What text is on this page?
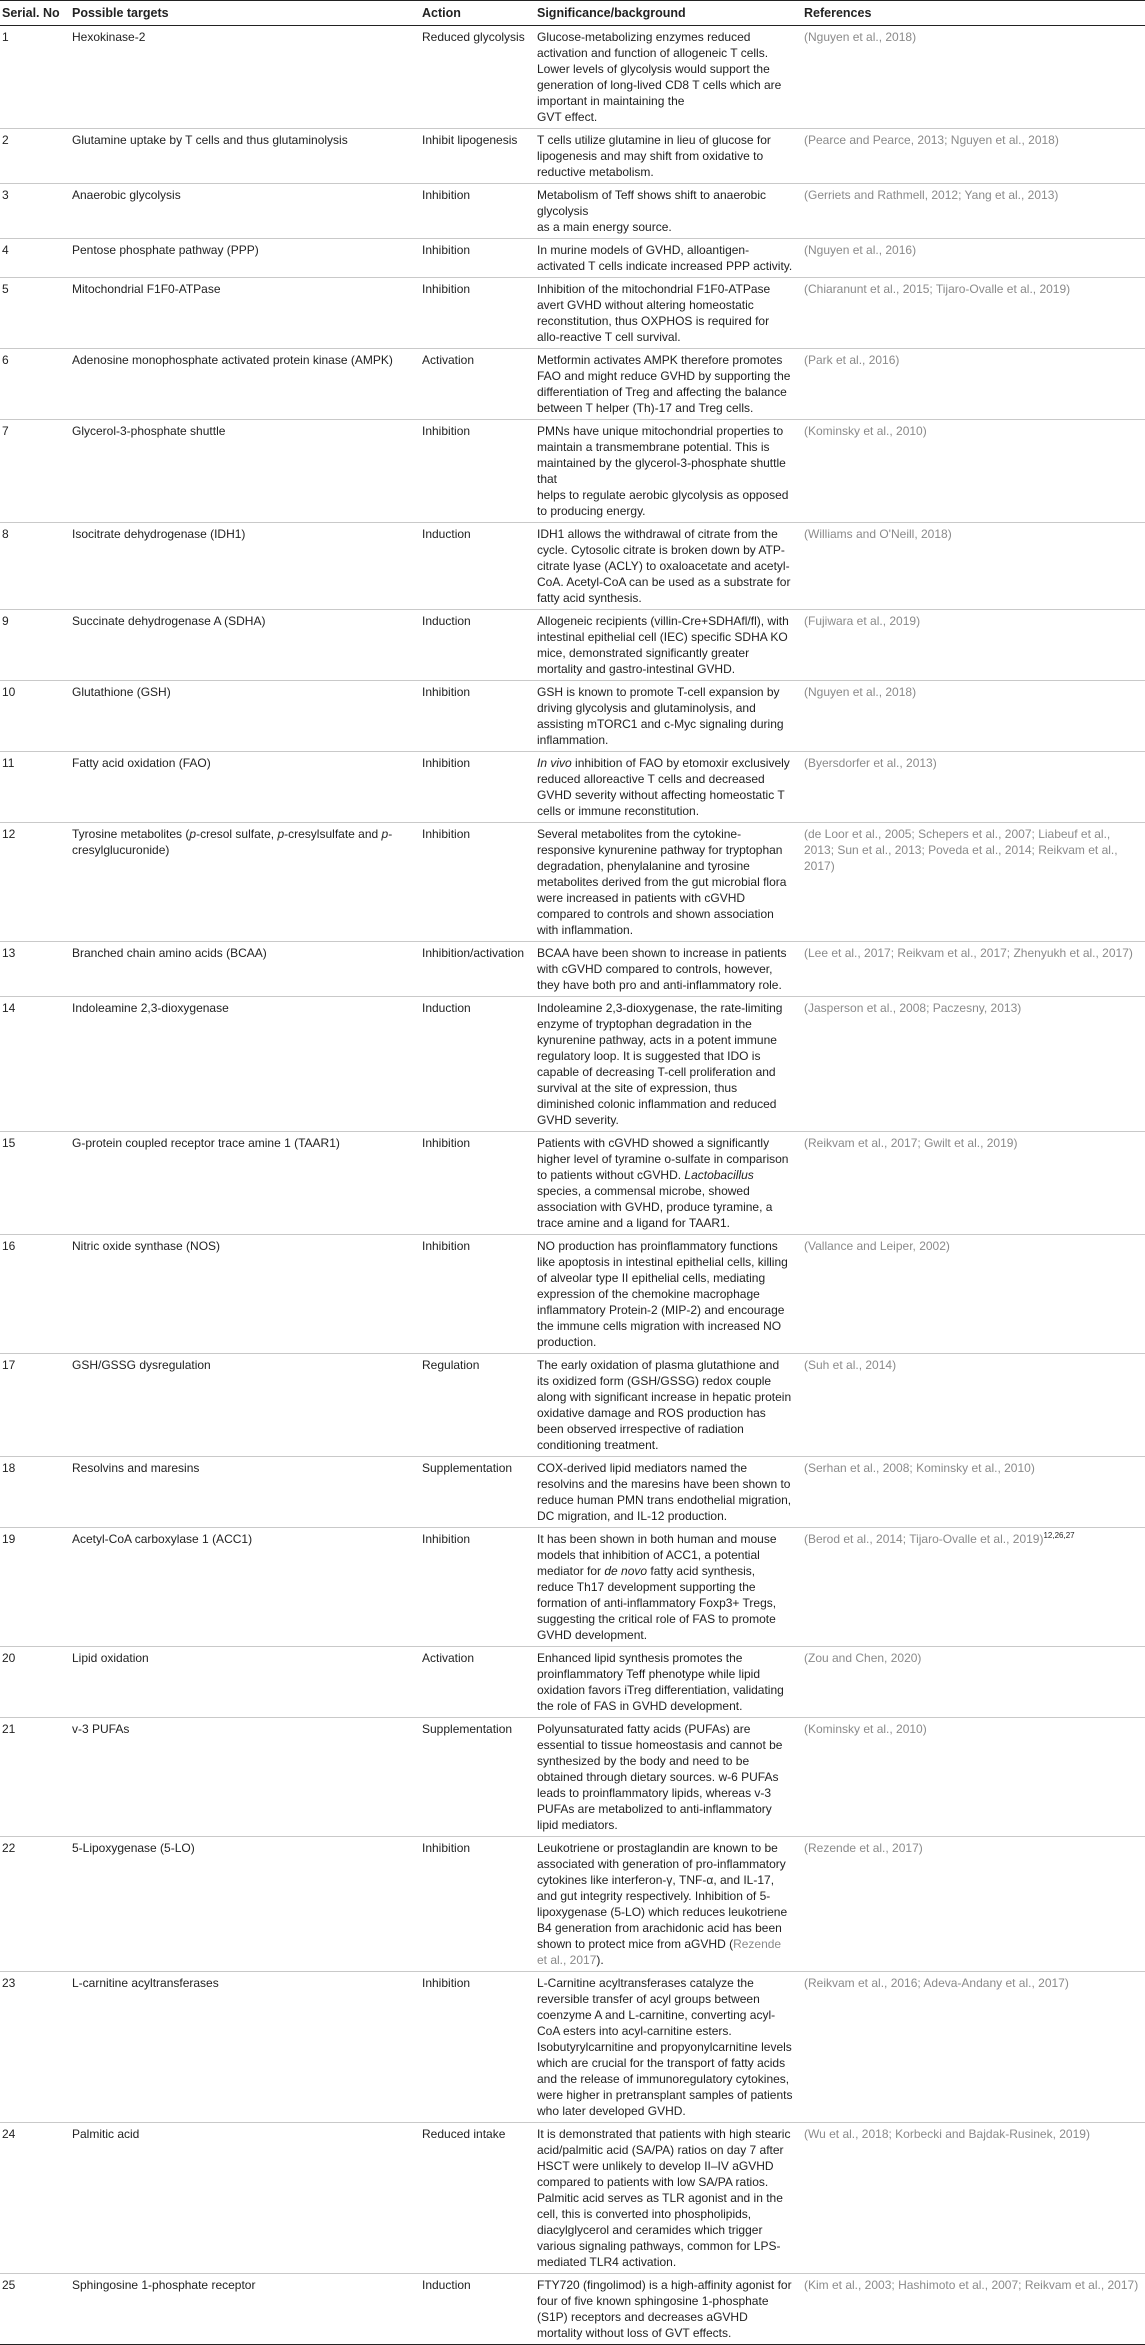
Serial. No	Possible targets	Action	Significance/background	References
1	Hexokinase-2	Reduced glycolysis	Glucose-metabolizing enzymes reduced activation and function of allogeneic T cells. Lower levels of glycolysis would support the generation of long-lived CD8 T cells which are important in maintaining the
GVT effect.	(Nguyen et al., 2018)
2	Glutamine uptake by T cells and thus glutaminolysis	Inhibit lipogenesis	T cells utilize glutamine in lieu of glucose for lipogenesis and may shift from oxidative to reductive metabolism.	(Pearce and Pearce, 2013; Nguyen et al., 2018)
3	Anaerobic glycolysis	Inhibition	Metabolism of Teff shows shift to anaerobic glycolysis
as a main energy source.	(Gerriets and Rathmell, 2012; Yang et al., 2013)
4	Pentose phosphate pathway (PPP)	Inhibition	In murine models of GVHD, alloantigen-activated T cells indicate increased PPP activity.	(Nguyen et al., 2016)
5	Mitochondrial F1F0-ATPase	Inhibition	Inhibition of the mitochondrial F1F0-ATPase avert GVHD without altering homeostatic reconstitution, thus OXPHOS is required for allo-reactive T cell survival.	(Chiaranunt et al., 2015; Tijaro-Ovalle et al., 2019)
6	Adenosine monophosphate activated protein kinase (AMPK)	Activation	Metformin activates AMPK therefore promotes FAO and might reduce GVHD by supporting the differentiation of Treg and affecting the balance between T helper (Th)-17 and Treg cells.	(Park et al., 2016)
7	Glycerol-3-phosphate shuttle	Inhibition	PMNs have unique mitochondrial properties to maintain a transmembrane potential. This is maintained by the glycerol-3-phosphate shuttle that
helps to regulate aerobic glycolysis as opposed to producing energy.	(Kominsky et al., 2010)
8	Isocitrate dehydrogenase (IDH1)	Induction	IDH1 allows the withdrawal of citrate from the cycle. Cytosolic citrate is broken down by ATP-citrate lyase (ACLY) to oxaloacetate and acetyl-CoA. Acetyl-CoA can be used as a substrate for fatty acid synthesis.	(Williams and O'Neill, 2018)
9	Succinate dehydrogenase A (SDHA)	Induction	Allogeneic recipients (villin-Cre+SDHAfl/fl), with intestinal epithelial cell (IEC) specific SDHA KO mice, demonstrated significantly greater mortality and gastro-intestinal GVHD.	(Fujiwara et al., 2019)
10	Glutathione (GSH)	Inhibition	GSH is known to promote T-cell expansion by driving glycolysis and glutaminolysis, and assisting mTORC1 and c-Myc signaling during inflammation.	(Nguyen et al., 2018)
11	Fatty acid oxidation (FAO)	Inhibition	In vivo inhibition of FAO by etomoxir exclusively reduced alloreactive T cells and decreased GVHD severity without affecting homeostatic T cells or immune reconstitution.	(Byersdorfer et al., 2013)
12	Tyrosine metabolites (p-cresol sulfate, p-cresylsulfate and p-cresylglucuronide)	Inhibition	Several metabolites from the cytokine-responsive kynurenine pathway for tryptophan degradation, phenylalanine and tyrosine metabolites derived from the gut microbial flora were increased in patients with cGVHD compared to controls and shown association with inflammation.	(de Loor et al., 2005; Schepers et al., 2007; Liabeuf et al., 2013; Sun et al., 2013; Poveda et al., 2014; Reikvam et al., 2017)
13	Branched chain amino acids (BCAA)	Inhibition/activation	BCAA have been shown to increase in patients with cGVHD compared to controls, however, they have both pro and anti-inflammatory role.	(Lee et al., 2017; Reikvam et al., 2017; Zhenyukh et al., 2017)
14	Indoleamine 2,3-dioxygenase	Induction	Indoleamine 2,3-dioxygenase, the rate-limiting enzyme of tryptophan degradation in the kynurenine pathway, acts in a potent immune regulatory loop. It is suggested that IDO is capable of decreasing T-cell proliferation and survival at the site of expression, thus diminished colonic inflammation and reduced GVHD severity.	(Jasperson et al., 2008; Paczesny, 2013)
15	G-protein coupled receptor trace amine 1 (TAAR1)	Inhibition	Patients with cGVHD showed a significantly higher level of tyramine o-sulfate in comparison to patients without cGVHD. Lactobacillus species, a commensal microbe, showed association with GVHD, produce tyramine, a trace amine and a ligand for TAAR1.	(Reikvam et al., 2017; Gwilt et al., 2019)
16	Nitric oxide synthase (NOS)	Inhibition	NO production has proinflammatory functions like apoptosis in intestinal epithelial cells, killing of alveolar type II epithelial cells, mediating expression of the chemokine macrophage inflammatory Protein-2 (MIP-2) and encourage the immune cells migration with increased NO production.	(Vallance and Leiper, 2002)
17	GSH/GSSG dysregulation	Regulation	The early oxidation of plasma glutathione and its oxidized form (GSH/GSSG) redox couple along with significant increase in hepatic protein oxidative damage and ROS production has been observed irrespective of radiation conditioning treatment.	(Suh et al., 2014)
18	Resolvins and maresins	Supplementation	COX-derived lipid mediators named the resolvins and the maresins have been shown to reduce human PMN trans endothelial migration, DC migration, and IL-12 production.	(Serhan et al., 2008; Kominsky et al., 2010)
19	Acetyl-CoA carboxylase 1 (ACC1)	Inhibition	It has been shown in both human and mouse models that inhibition of ACC1, a potential mediator for de novo fatty acid synthesis, reduce Th17 development supporting the formation of anti-inflammatory Foxp3+ Tregs, suggesting the critical role of FAS to promote GVHD development.	(Berod et al., 2014; Tijaro-Ovalle et al., 2019)$^{12,26,27}$
20	Lipid oxidation	Activation	Enhanced lipid synthesis promotes the proinflammatory Teff phenotype while lipid oxidation favors iTreg differentiation, validating the role of FAS in GVHD development.	(Zou and Chen, 2020)
21	v-3 PUFAs	Supplementation	Polyunsaturated fatty acids (PUFAs) are essential to tissue homeostasis and cannot be synthesized by the body and need to be obtained through dietary sources. w-6 PUFAs leads to proinflammatory lipids, whereas v-3 PUFAs are metabolized to anti-inflammatory lipid mediators.	(Kominsky et al., 2010)
22	5-Lipoxygenase (5-LO)	Inhibition	Leukotriene or prostaglandin are known to be associated with generation of pro-inflammatory cytokines like interferon-γ, TNF-α, and IL-17, and gut integrity respectively. Inhibition of 5-lipoxygenase (5-LO) which reduces leukotriene B4 generation from arachidonic acid has been shown to protect mice from aGVHD (Rezende et al., 2017).	(Rezende et al., 2017)
23	L-carnitine acyltransferases	Inhibition	L-Carnitine acyltransferases catalyze the reversible transfer of acyl groups between coenzyme A and L-carnitine, converting acyl-CoA esters into acyl-carnitine esters. Isobutyrylcarnitine and propyonylcarnitine levels which are crucial for the transport of fatty acids and the release of immunoregulatory cytokines, were higher in pretransplant samples of patients who later developed GVHD.	(Reikvam et al., 2016; Adeva-Andany et al., 2017)
24	Palmitic acid	Reduced intake	It is demonstrated that patients with high stearic acid/palmitic acid (SA/PA) ratios on day 7 after HSCT were unlikely to develop II–IV aGVHD compared to patients with low SA/PA ratios. Palmitic acid serves as TLR agonist and in the cell, this is converted into phospholipids, diacylglycerol and ceramides which trigger various signaling pathways, common for LPS-mediated TLR4 activation.	(Wu et al., 2018; Korbecki and Bajdak-Rusinek, 2019)
25	Sphingosine 1-phosphate receptor	Induction	FTY720 (fingolimod) is a high-affinity agonist for four of five known sphingosine 1-phosphate (S1P) receptors and decreases aGVHD mortality without loss of GVT effects.	(Kim et al., 2003; Hashimoto et al., 2007; Reikvam et al., 2017)
